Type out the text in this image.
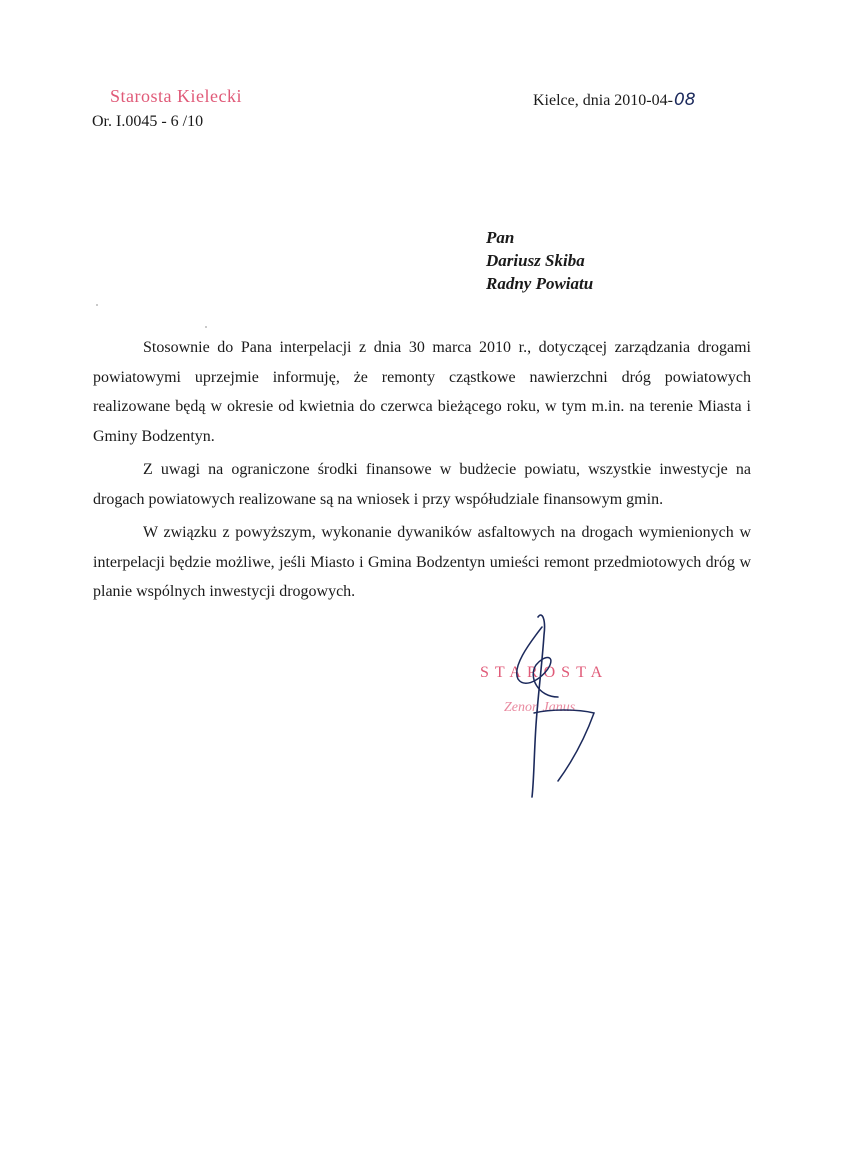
Starosta Kielecki
Or. I.0045 - 6 /10
Kielce, dnia 2010-04-08
Pan
Dariusz Skiba
Radny Powiatu

Stosownie do Pana interpelacji z dnia 30 marca 2010 r., dotyczącej zarządzania drogami powiatowymi uprzejmie informuję, że remonty cząstkowe nawierzchni dróg powiatowych realizowane będą w okresie od kwietnia do czerwca bieżącego roku, w tym m.in. na terenie Miasta i Gminy Bodzentyn.

Z uwagi na ograniczone środki finansowe w budżecie powiatu, wszystkie inwestycje na drogach powiatowych realizowane są na wniosek i przy współudziale finansowym gmin.

W związku z powyższym, wykonanie dywaników asfaltowych na drogach wymienionych w interpelacji będzie możliwe, jeśli Miasto i Gmina Bodzentyn umieści remont przedmiotowych dróg w planie wspólnych inwestycji drogowych.

STAROSTA
Zenon Janus
